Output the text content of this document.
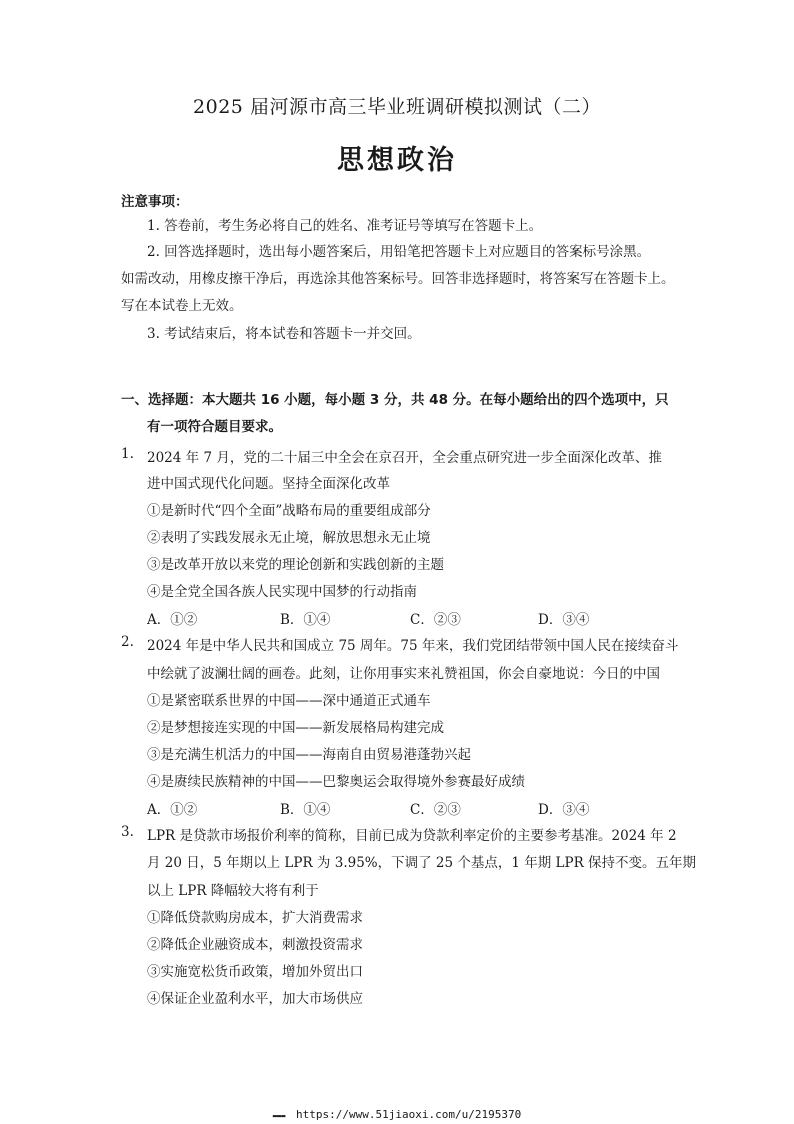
2025 届河源市高三毕业班调研模拟测试（二）
思想政治
注意事项：
1. 答卷前，考生务必将自己的姓名、准考证号等填写在答题卡上。
2. 回答选择题时，选出每小题答案后，用铅笔把答题卡上对应题目的答案标号涂黑。
如需改动，用橡皮擦干净后，再选涂其他答案标号。回答非选择题时，将答案写在答题卡上。
写在本试卷上无效。
3. 考试结束后，将本试卷和答题卡一并交回。
一、选择题：本大题共 16 小题，每小题 3 分，共 48 分。在每小题给出的四个选项中，只
有一项符合题目要求。
1. 2024 年 7 月，党的二十届三中全会在京召开，全会重点研究进一步全面深化改革、推
进中国式现代化问题。坚持全面深化改革
①是新时代“四个全面”战略布局的重要组成部分
②表明了实践发展永无止境，解放思想永无止境
③是改革开放以来党的理论创新和实践创新的主题
④是全党全国各族人民实现中国梦的行动指南
A．①②	B．①④	C．②③	D．③④
2. 2024 年是中华人民共和国成立 75 周年。75 年来，我们党团结带领中国人民在接续奋斗
中绘就了波澜壮阔的画卷。此刻，让你用事实来礼赞祖国，你会自豪地说：今日的中国
①是紧密联系世界的中国——深中通道正式通车
②是梦想接连实现的中国——新发展格局构建完成
③是充满生机活力的中国——海南自由贸易港蓬勃兴起
④是赓续民族精神的中国——巴黎奥运会取得境外参赛最好成绩
A．①②	B．①④	C．②③	D．③④
3. LPR 是贷款市场报价利率的简称，目前已成为贷款利率定价的主要参考基准。2024 年 2
月 20 日，5 年期以上 LPR 为 3.95%，下调了 25 个基点，1 年期 LPR 保持不变。五年期
以上 LPR 降幅较大将有利于
①降低贷款购房成本，扩大消费需求
②降低企业融资成本，刺激投资需求
③实施宽松货币政策，增加外贸出口
④保证企业盈利水平，加大市场供应
▬▬▬ https://www.51jiaoxi.com/u/2195370
